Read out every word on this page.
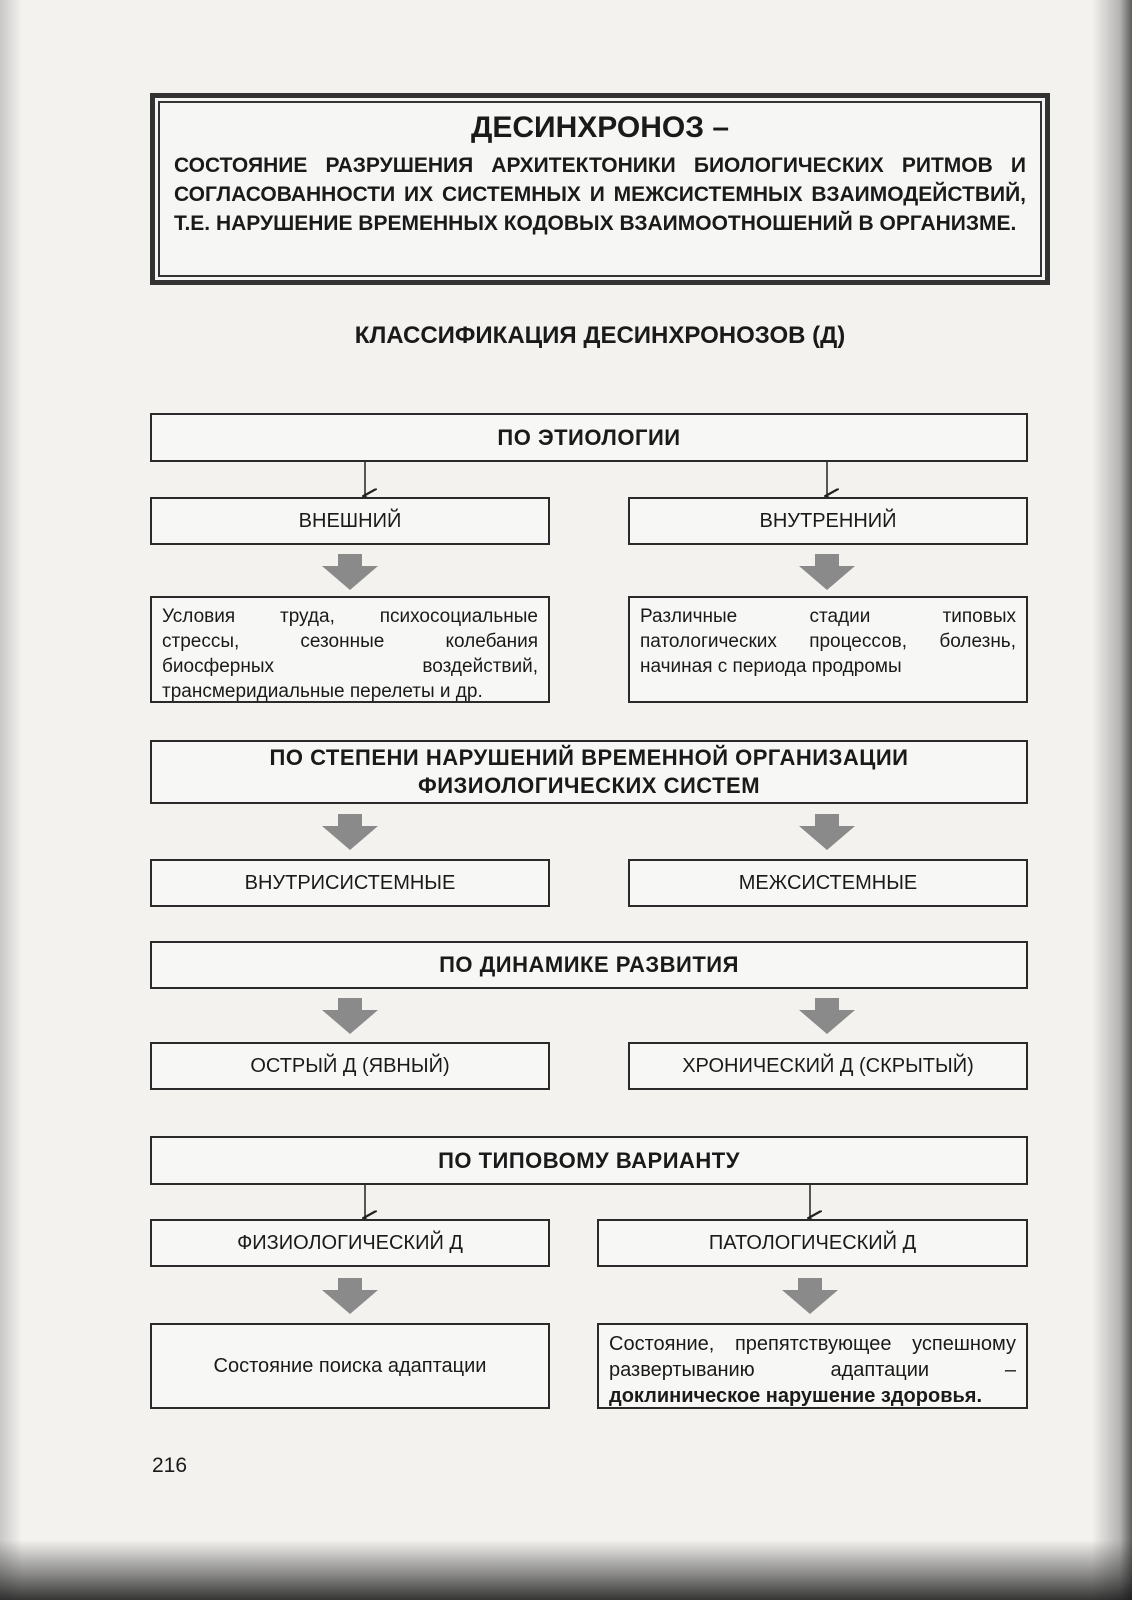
ДЕСИНХРОНОЗ –
СОСТОЯНИЕ РАЗРУШЕНИЯ АРХИТЕКТОНИКИ БИОЛОГИЧЕСКИХ РИТМОВ И СОГЛАСОВАННОСТИ ИХ СИСТЕМНЫХ И МЕЖСИСТЕМНЫХ ВЗАИМОДЕЙСТВИЙ, Т.Е. НАРУШЕНИЕ ВРЕМЕННЫХ КОДОВЫХ ВЗАИМООТНОШЕНИЙ В ОРГАНИЗМЕ.
КЛАССИФИКАЦИЯ ДЕСИНХРОНОЗОВ (Д)
ПО ЭТИОЛОГИИ
ВНЕШНИЙ	ВНУТРЕННИЙ
Условия труда, психосоциальные стрессы, сезонные колебания биосферных воздействий, трансмеридиальные перелеты и др.
Различные стадии типовых патологических процессов, болезнь, начиная с периода продромы
ПО СТЕПЕНИ НАРУШЕНИЙ ВРЕМЕННОЙ ОРГАНИЗАЦИИ
ФИЗИОЛОГИЧЕСКИХ СИСТЕМ
ВНУТРИСИСТЕМНЫЕ	МЕЖСИСТЕМНЫЕ
ПО ДИНАМИКЕ РАЗВИТИЯ
ОСТРЫЙ Д (ЯВНЫЙ)	ХРОНИЧЕСКИЙ Д (СКРЫТЫЙ)
ПО ТИПОВОМУ ВАРИАНТУ
ФИЗИОЛОГИЧЕСКИЙ Д	ПАТОЛОГИЧЕСКИЙ Д
Состояние поиска адаптации
Состояние, препятствующее успешному развертыванию адаптации – доклиническое нарушение здоровья.
216
